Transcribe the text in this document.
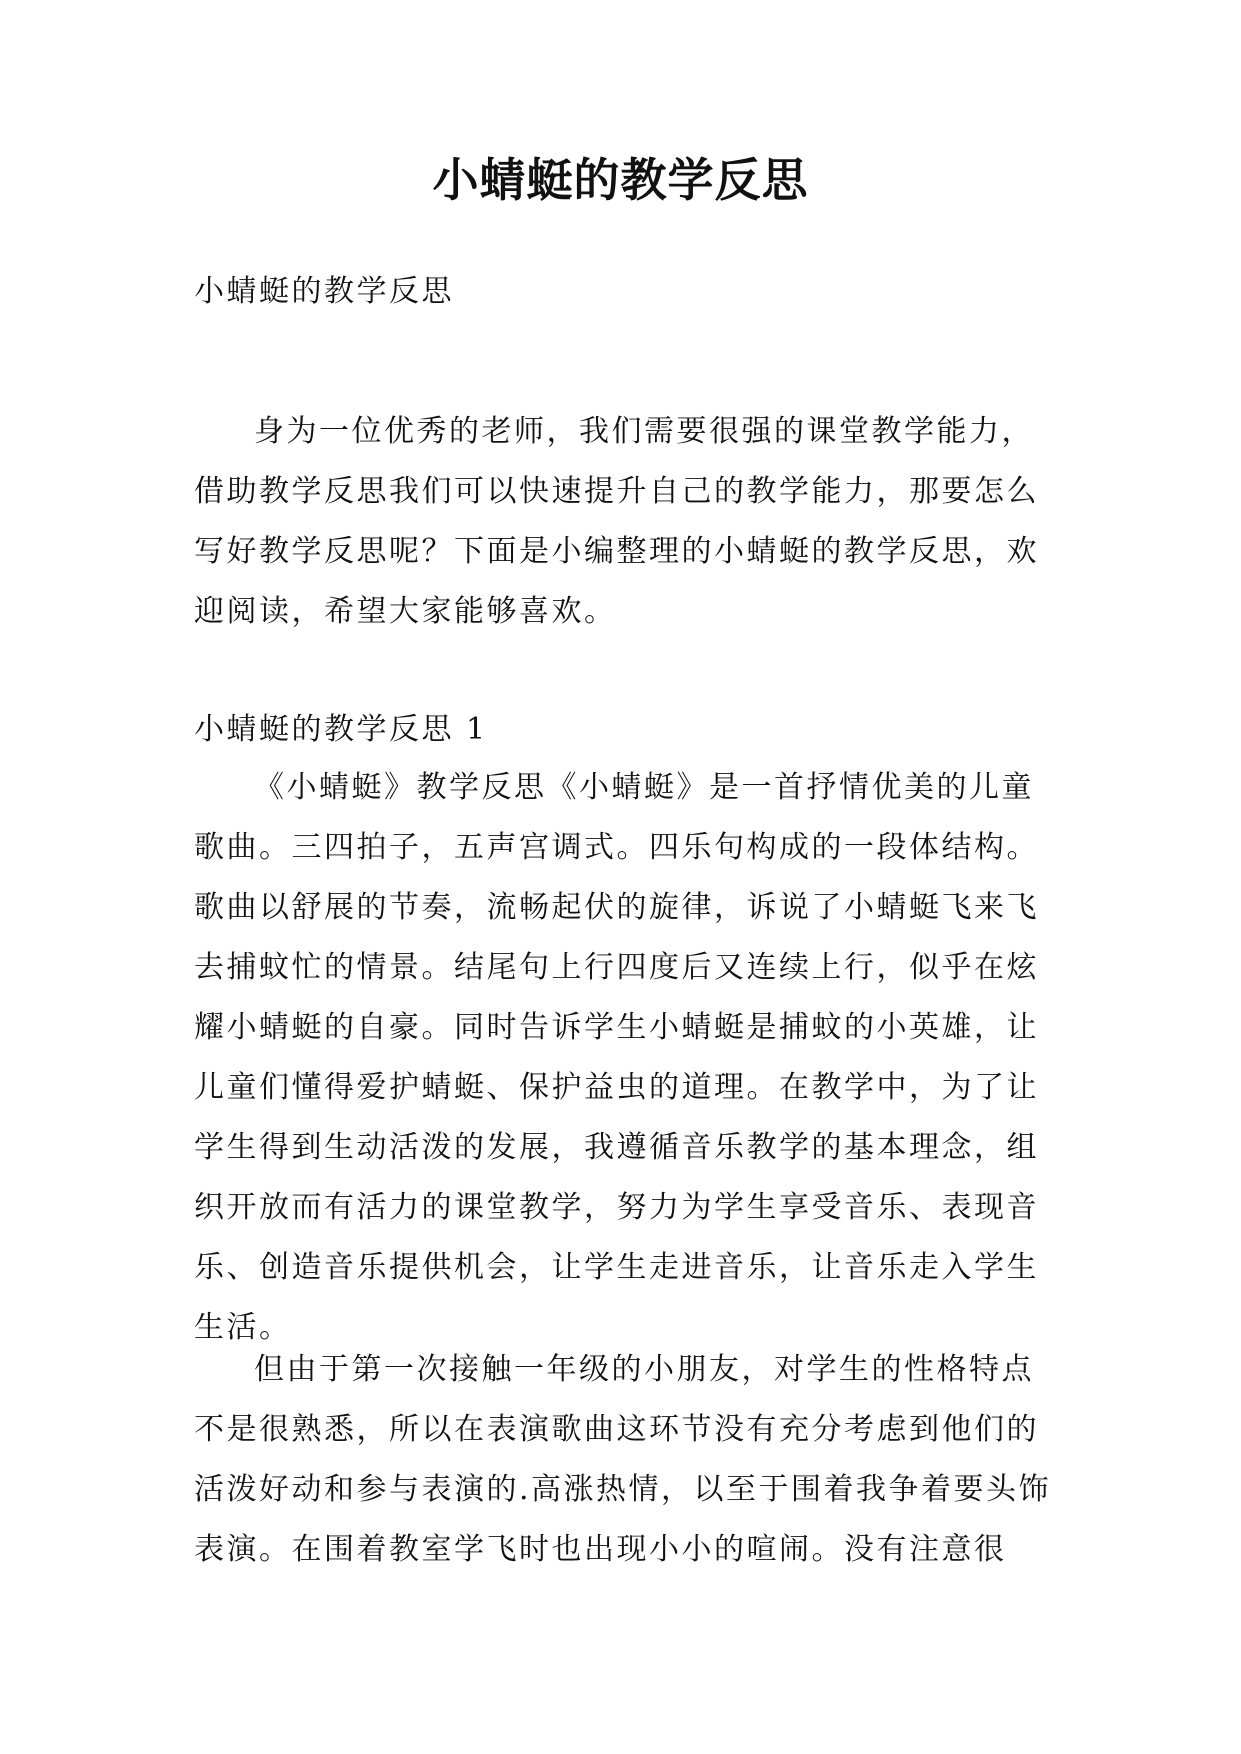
小蜻蜓的教学反思

小蜻蜓的教学反思

身为一位优秀的老师，我们需要很强的课堂教学能力，借助教学反思我们可以快速提升自己的教学能力，那要怎么写好教学反思呢？下面是小编整理的小蜻蜓的教学反思，欢迎阅读，希望大家能够喜欢。

小蜻蜓的教学反思 1

《小蜻蜓》教学反思《小蜻蜓》是一首抒情优美的儿童歌曲。三四拍子，五声宫调式。四乐句构成的一段体结构。歌曲以舒展的节奏，流畅起伏的旋律，诉说了小蜻蜓飞来飞去捕蚊忙的情景。结尾句上行四度后又连续上行，似乎在炫耀小蜻蜓的自豪。同时告诉学生小蜻蜓是捕蚊的小英雄，让儿童们懂得爱护蜻蜓、保护益虫的道理。在教学中，为了让学生得到生动活泼的发展，我遵循音乐教学的基本理念，组织开放而有活力的课堂教学，努力为学生享受音乐、表现音乐、创造音乐提供机会，让学生走进音乐，让音乐走入学生生活。

但由于第一次接触一年级的小朋友，对学生的性格特点不是很熟悉，所以在表演歌曲这环节没有充分考虑到他们的活泼好动和参与表演的.高涨热情，以至于围着我争着要头饰表演。在围着教室学飞时也出现小小的喧闹。没有注意很
